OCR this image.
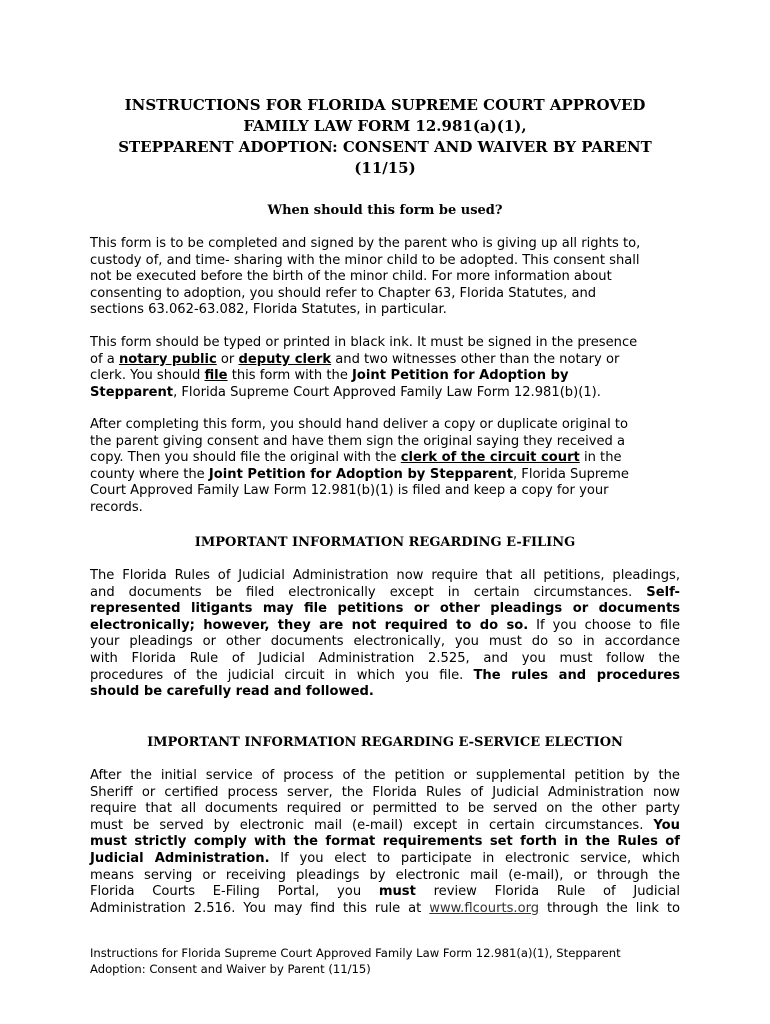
INSTRUCTIONS FOR FLORIDA SUPREME COURT APPROVED
FAMILY LAW FORM 12.981(a)(1),
STEPPARENT ADOPTION: CONSENT AND WAIVER BY PARENT
(11/15)
When should this form be used?
This form is to be completed and signed by the parent who is giving up all rights to,
custody of, and time- sharing with the minor child to be adopted. This consent shall
not be executed before the birth of the minor child. For more information about
consenting to adoption, you should refer to Chapter 63, Florida Statutes, and
sections 63.062-63.082, Florida Statutes, in particular.
This form should be typed or printed in black ink. It must be signed in the presence
of a notary public or deputy clerk and two witnesses other than the notary or
clerk. You should file this form with the Joint Petition for Adoption by
Stepparent, Florida Supreme Court Approved Family Law Form 12.981(b)(1).
After completing this form, you should hand deliver a copy or duplicate original to
the parent giving consent and have them sign the original saying they received a
copy. Then you should file the original with the clerk of the circuit court in the
county where the Joint Petition for Adoption by Stepparent, Florida Supreme
Court Approved Family Law Form 12.981(b)(1) is filed and keep a copy for your
records.
IMPORTANT INFORMATION REGARDING E-FILING
The Florida Rules of Judicial Administration now require that all petitions, pleadings,
and documents be filed electronically except in certain circumstances. Self-
represented litigants may file petitions or other pleadings or documents
electronically; however, they are not required to do so. If you choose to file
your pleadings or other documents electronically, you must do so in accordance
with Florida Rule of Judicial Administration 2.525, and you must follow the
procedures of the judicial circuit in which you file. The rules and procedures
should be carefully read and followed.
IMPORTANT INFORMATION REGARDING E-SERVICE ELECTION
After the initial service of process of the petition or supplemental petition by the
Sheriff or certified process server, the Florida Rules of Judicial Administration now
require that all documents required or permitted to be served on the other party
must be served by electronic mail (e-mail) except in certain circumstances. You
must strictly comply with the format requirements set forth in the Rules of
Judicial Administration. If you elect to participate in electronic service, which
means serving or receiving pleadings by electronic mail (e-mail), or through the
Florida Courts E-Filing Portal, you must review Florida Rule of Judicial
Administration 2.516. You may find this rule at www.flcourts.org through the link to
Instructions for Florida Supreme Court Approved Family Law Form 12.981(a)(1), Stepparent
Adoption: Consent and Waiver by Parent (11/15)
